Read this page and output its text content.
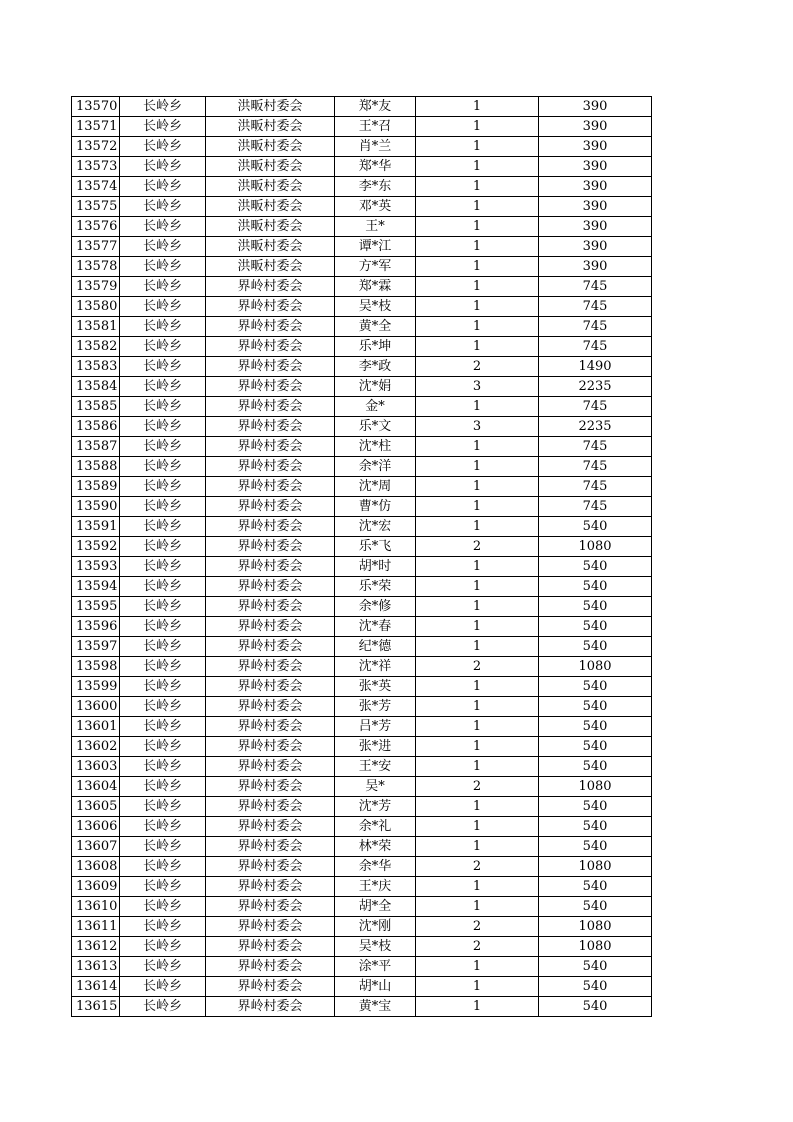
13570	长岭乡	洪畈村委会	郑*友	1	390
13571	长岭乡	洪畈村委会	王*召	1	390
13572	长岭乡	洪畈村委会	肖*兰	1	390
13573	长岭乡	洪畈村委会	郑*华	1	390
13574	长岭乡	洪畈村委会	李*东	1	390
13575	长岭乡	洪畈村委会	邓*英	1	390
13576	长岭乡	洪畈村委会	王*	1	390
13577	长岭乡	洪畈村委会	谭*江	1	390
13578	长岭乡	洪畈村委会	方*军	1	390
13579	长岭乡	界岭村委会	郑*霖	1	745
13580	长岭乡	界岭村委会	吴*枝	1	745
13581	长岭乡	界岭村委会	黄*全	1	745
13582	长岭乡	界岭村委会	乐*坤	1	745
13583	长岭乡	界岭村委会	李*政	2	1490
13584	长岭乡	界岭村委会	沈*娟	3	2235
13585	长岭乡	界岭村委会	金*	1	745
13586	长岭乡	界岭村委会	乐*文	3	2235
13587	长岭乡	界岭村委会	沈*柱	1	745
13588	长岭乡	界岭村委会	余*洋	1	745
13589	长岭乡	界岭村委会	沈*周	1	745
13590	长岭乡	界岭村委会	曹*仿	1	745
13591	长岭乡	界岭村委会	沈*宏	1	540
13592	长岭乡	界岭村委会	乐*飞	2	1080
13593	长岭乡	界岭村委会	胡*时	1	540
13594	长岭乡	界岭村委会	乐*荣	1	540
13595	长岭乡	界岭村委会	余*修	1	540
13596	长岭乡	界岭村委会	沈*春	1	540
13597	长岭乡	界岭村委会	纪*德	1	540
13598	长岭乡	界岭村委会	沈*祥	2	1080
13599	长岭乡	界岭村委会	张*英	1	540
13600	长岭乡	界岭村委会	张*芳	1	540
13601	长岭乡	界岭村委会	吕*芳	1	540
13602	长岭乡	界岭村委会	张*进	1	540
13603	长岭乡	界岭村委会	王*安	1	540
13604	长岭乡	界岭村委会	吴*	2	1080
13605	长岭乡	界岭村委会	沈*芳	1	540
13606	长岭乡	界岭村委会	余*礼	1	540
13607	长岭乡	界岭村委会	林*荣	1	540
13608	长岭乡	界岭村委会	余*华	2	1080
13609	长岭乡	界岭村委会	王*庆	1	540
13610	长岭乡	界岭村委会	胡*全	1	540
13611	长岭乡	界岭村委会	沈*刚	2	1080
13612	长岭乡	界岭村委会	吴*枝	2	1080
13613	长岭乡	界岭村委会	涂*平	1	540
13614	长岭乡	界岭村委会	胡*山	1	540
13615	长岭乡	界岭村委会	黄*宝	1	540
